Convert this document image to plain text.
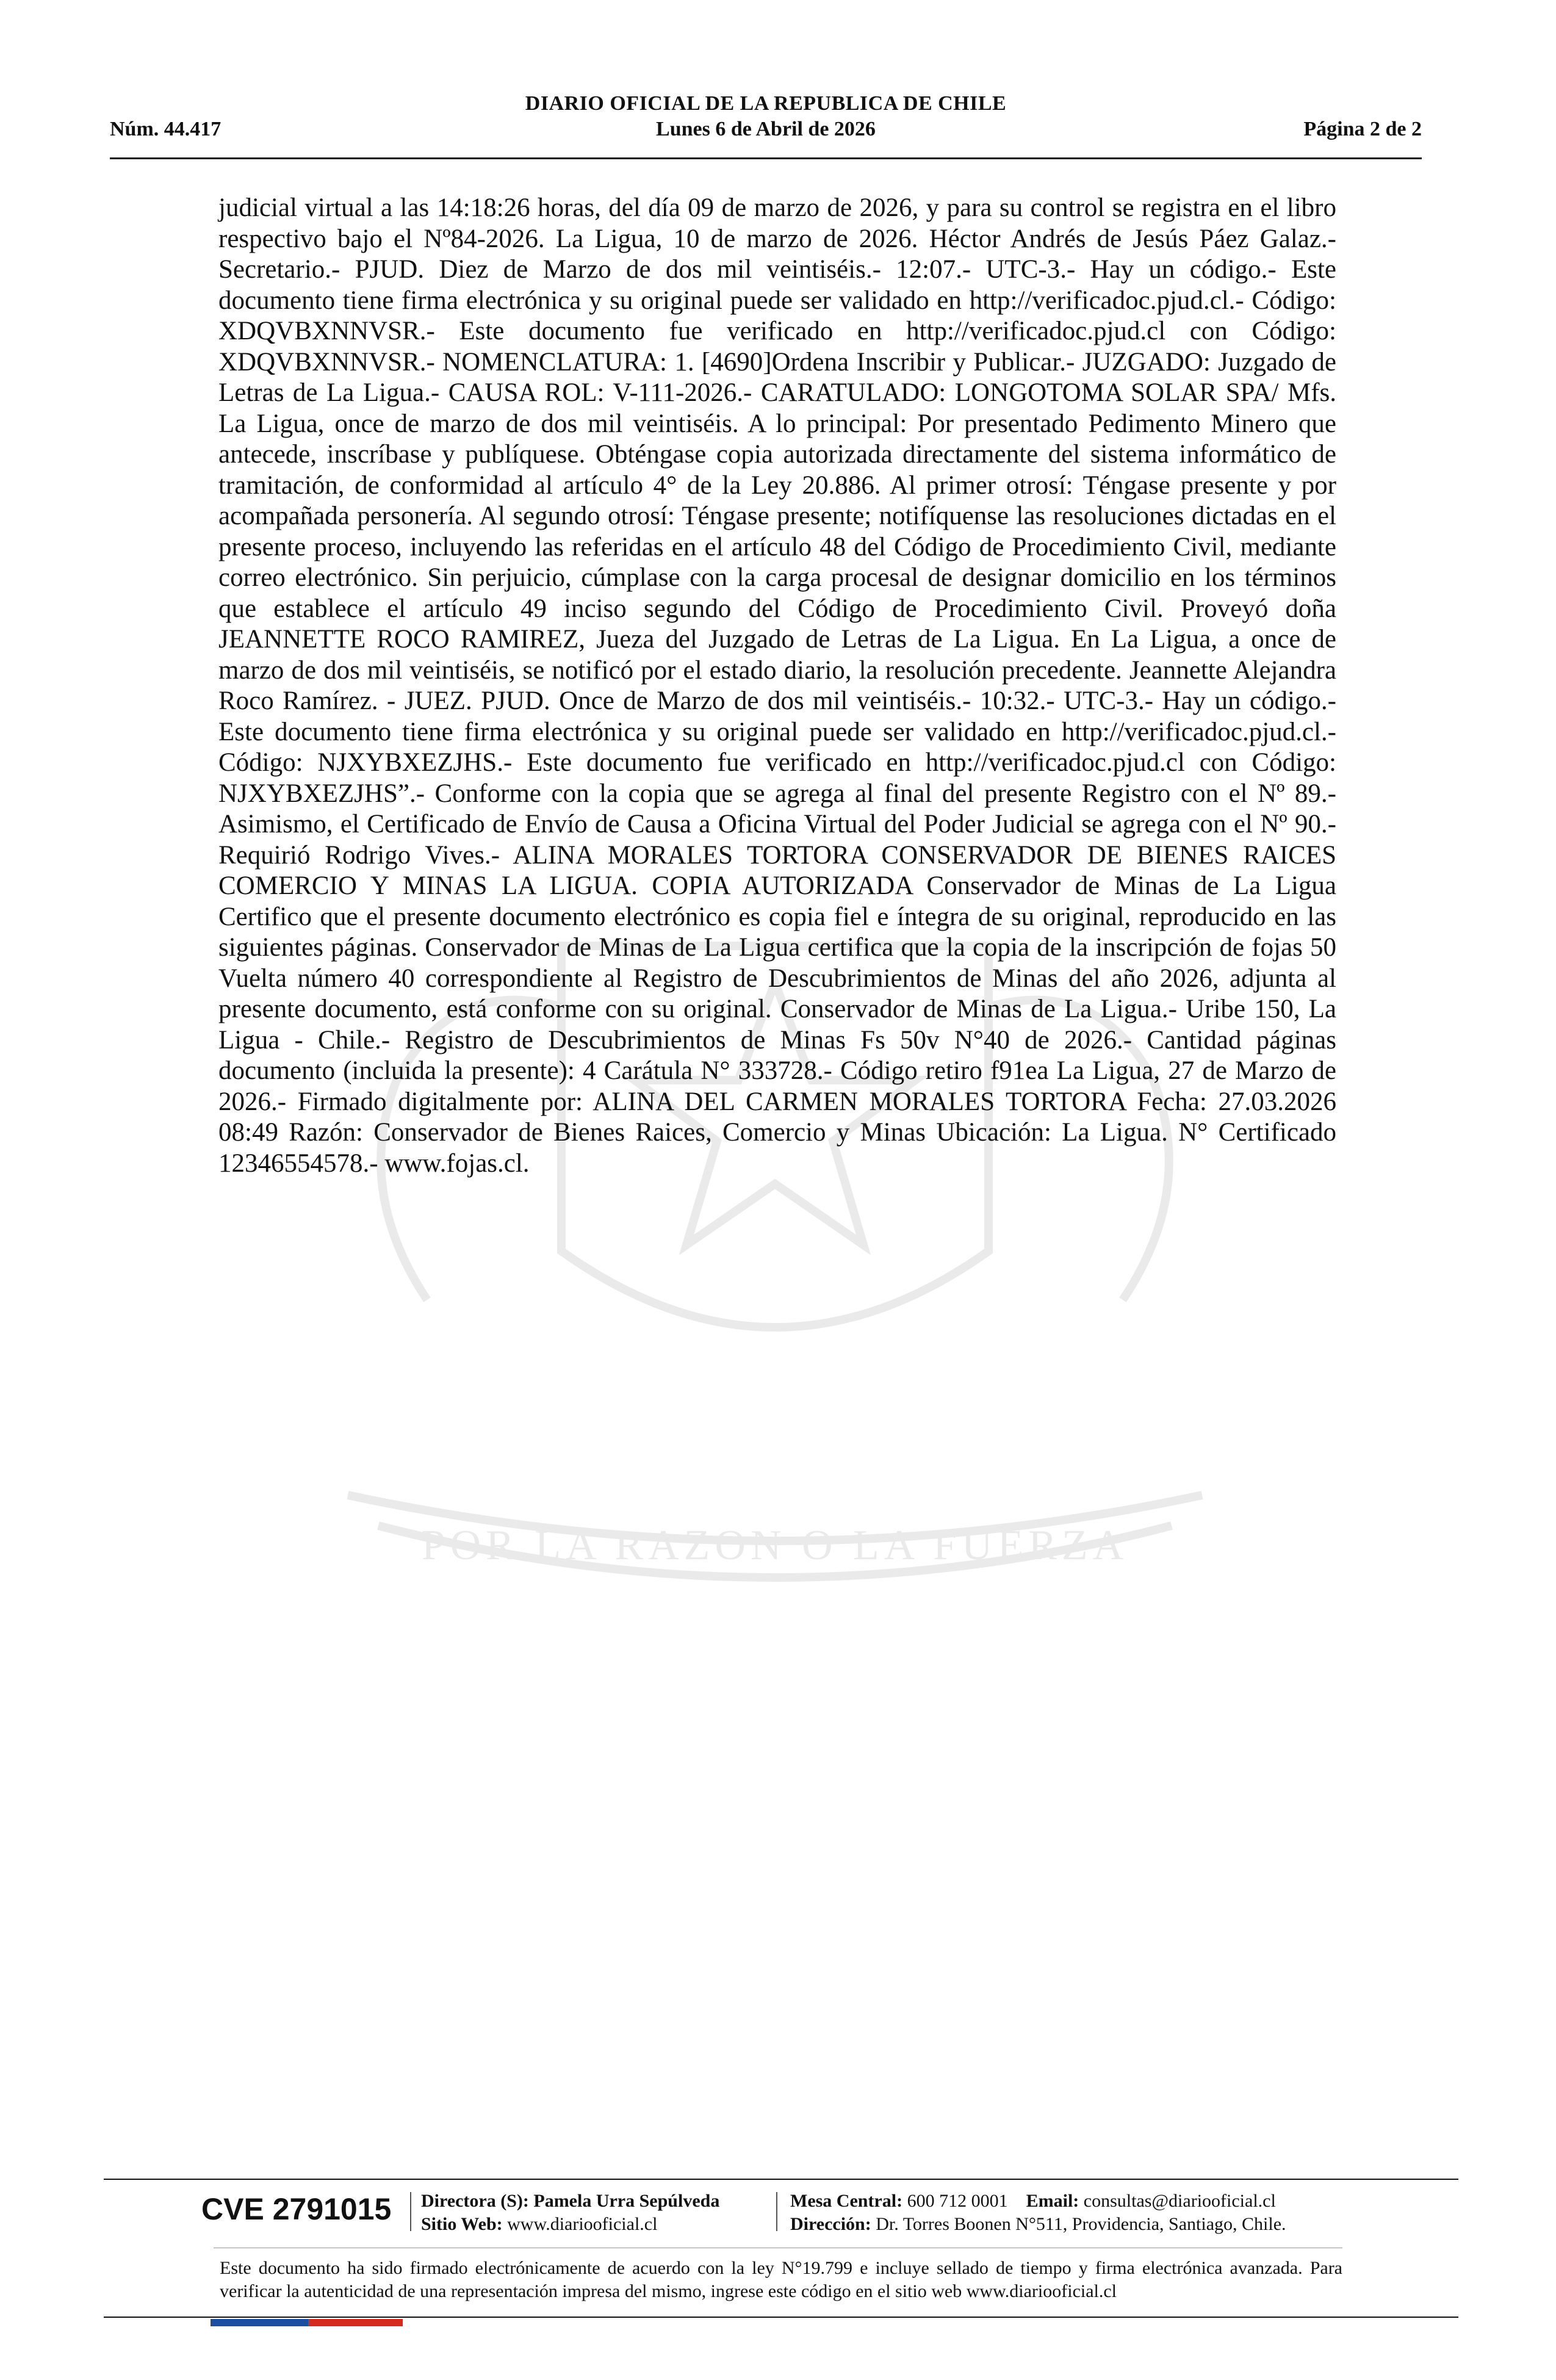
DIARIO OFICIAL DE LA REPUBLICA DE CHILE
Núm. 44.417	Lunes 6 de Abril de 2026	Página 2 de 2
POR LA RAZON O LA FUERZA
judicial virtual a las 14:18:26 horas, del día 09 de marzo de 2026, y para su control se registra en el libro respectivo bajo el Nº84-2026. La Ligua, 10 de marzo de 2026. Héctor Andrés de Jesús Páez Galaz.- Secretario.- PJUD. Diez de Marzo de dos mil veintiséis.- 12:07.- UTC-3.- Hay un código.- Este documento tiene firma electrónica y su original puede ser validado en http://verificadoc.pjud.cl.- Código: XDQVBXNNVSR.- Este documento fue verificado en http://verificadoc.pjud.cl con Código: XDQVBXNNVSR.- NOMENCLATURA: 1. [4690]Ordena Inscribir y Publicar.- JUZGADO: Juzgado de Letras de La Ligua.- CAUSA ROL: V-111-2026.- CARATULADO: LONGOTOMA SOLAR SPA/ Mfs. La Ligua, once de marzo de dos mil veintiséis. A lo principal: Por presentado Pedimento Minero que antecede, inscríbase y publíquese. Obténgase copia autorizada directamente del sistema informático de tramitación, de conformidad al artículo 4° de la Ley 20.886. Al primer otrosí: Téngase presente y por acompañada personería. Al segundo otrosí: Téngase presente; notifíquense las resoluciones dictadas en el presente proceso, incluyendo las referidas en el artículo 48 del Código de Procedimiento Civil, mediante correo electrónico. Sin perjuicio, cúmplase con la carga procesal de designar domicilio en los términos que establece el artículo 49 inciso segundo del Código de Procedimiento Civil. Proveyó doña JEANNETTE ROCO RAMIREZ, Jueza del Juzgado de Letras de La Ligua. En La Ligua, a once de marzo de dos mil veintiséis, se notificó por el estado diario, la resolución precedente. Jeannette Alejandra Roco Ramírez. - JUEZ. PJUD. Once de Marzo de dos mil veintiséis.- 10:32.- UTC-3.- Hay un código.- Este documento tiene firma electrónica y su original puede ser validado en http://verificadoc.pjud.cl.- Código: NJXYBXEZJHS.- Este documento fue verificado en http://verificadoc.pjud.cl con Código: NJXYBXEZJHS”.- Conforme con la copia que se agrega al final del presente Registro con el Nº 89.- Asimismo, el Certificado de Envío de Causa a Oficina Virtual del Poder Judicial se agrega con el Nº 90.- Requirió Rodrigo Vives.- ALINA MORALES TORTORA CONSERVADOR DE BIENES RAICES COMERCIO Y MINAS LA LIGUA. COPIA AUTORIZADA Conservador de Minas de La Ligua Certifico que el presente documento electrónico es copia fiel e íntegra de su original, reproducido en las siguientes páginas. Conservador de Minas de La Ligua certifica que la copia de la inscripción de fojas 50 Vuelta número 40 correspondiente al Registro de Descubrimientos de Minas del año 2026, adjunta al presente documento, está conforme con su original. Conservador de Minas de La Ligua.- Uribe 150, La Ligua - Chile.- Registro de Descubrimientos de Minas Fs 50v N°40 de 2026.- Cantidad páginas documento (incluida la presente): 4 Carátula N° 333728.- Código retiro f91ea La Ligua, 27 de Marzo de 2026.- Firmado digitalmente por: ALINA DEL CARMEN MORALES TORTORA Fecha: 27.03.2026 08:49 Razón: Conservador de Bienes Raices, Comercio y Minas Ubicación: La Ligua. N° Certificado 12346554578.- www.fojas.cl.
CVE 2791015 Directora (S): Pamela Urra Sepúlveda
Sitio Web: www.diariooficial.cl
Mesa Central: 600 712 0001 Email: consultas@diariooficial.cl
Dirección: Dr. Torres Boonen N°511, Providencia, Santiago, Chile.
Este documento ha sido firmado electrónicamente de acuerdo con la ley N°19.799 e incluye sellado de tiempo y firma electrónica avanzada. Para verificar la autenticidad de una representación impresa del mismo, ingrese este código en el sitio web www.diariooficial.cl
